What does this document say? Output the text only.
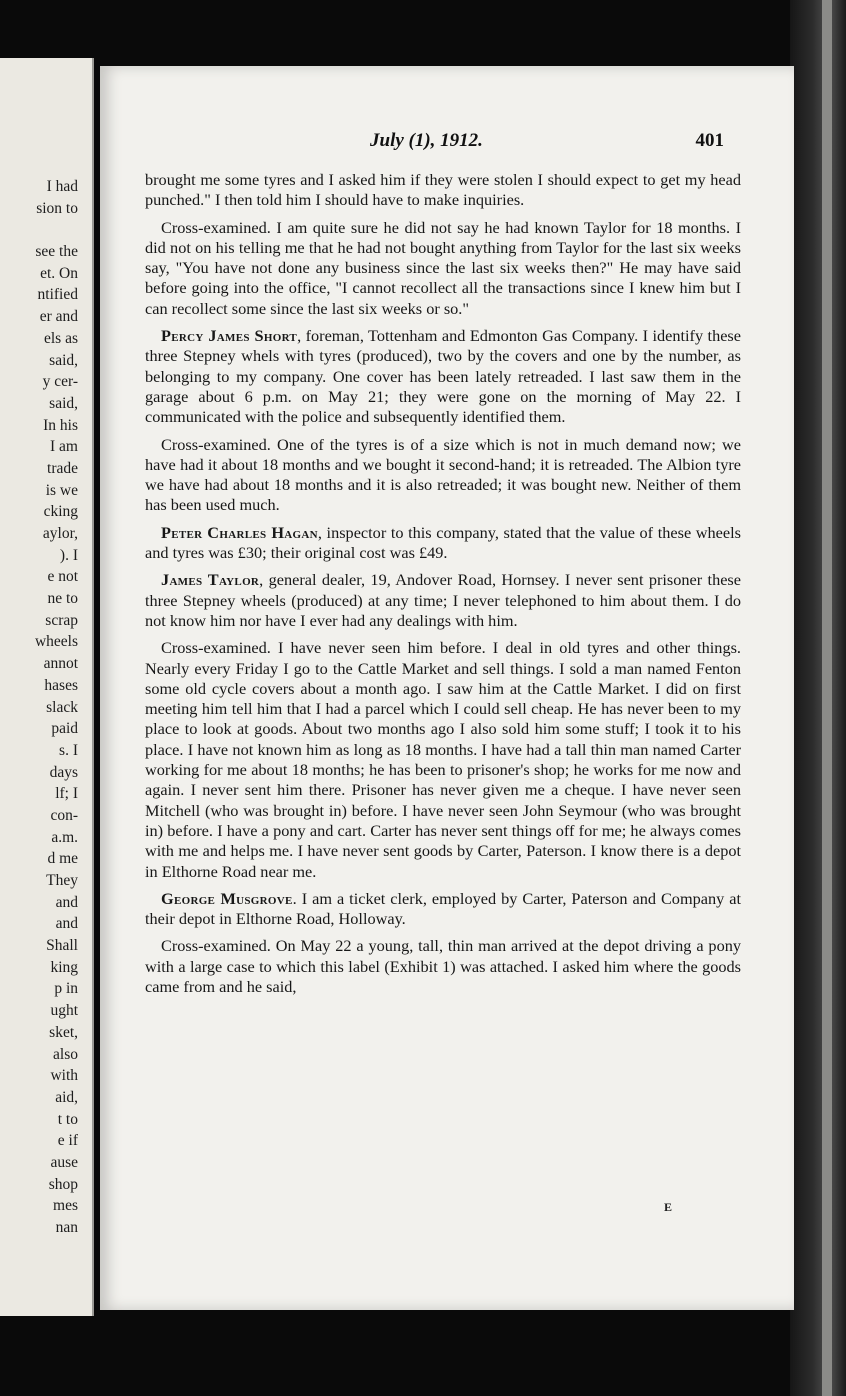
I had
sion to
see the
et. On
ntified
er and
els as
said,
y cer-
said,
In his
I am
trade
is we
cking
aylor,
). I
e not
ne to
scrap
wheels
annot
hases
slack
paid
s. I
days
lf; I
con-
a.m.
d me
They
and
and
Shall
king
p in
ught
sket,
also
with
aid,
t to
e if
ause
shop
mes
nan
July (1), 1912.	401

brought me some tyres and I asked him if they were stolen I should expect to get my head punched." I then told him I should have to make inquiries.

Cross-examined. I am quite sure he did not say he had known Taylor for 18 months. I did not on his telling me that he had not bought anything from Taylor for the last six weeks say, "You have not done any business since the last six weeks then?" He may have said before going into the office, "I cannot recollect all the transactions since I knew him but I can recollect some since the last six weeks or so."

Percy James Short, foreman, Tottenham and Edmonton Gas Company. I identify these three Stepney whels with tyres (produced), two by the covers and one by the number, as belonging to my company. One cover has been lately retreaded. I last saw them in the garage about 6 p.m. on May 21; they were gone on the morning of May 22. I communicated with the police and subsequently identified them.

Cross-examined. One of the tyres is of a size which is not in much demand now; we have had it about 18 months and we bought it second-hand; it is retreaded. The Albion tyre we have had about 18 months and it is also retreaded; it was bought new. Neither of them has been used much.

Peter Charles Hagan, inspector to this company, stated that the value of these wheels and tyres was £30; their original cost was £49.

James Taylor, general dealer, 19, Andover Road, Hornsey. I never sent prisoner these three Stepney wheels (produced) at any time; I never telephoned to him about them. I do not know him nor have I ever had any dealings with him.

Cross-examined. I have never seen him before. I deal in old tyres and other things. Nearly every Friday I go to the Cattle Market and sell things. I sold a man named Fenton some old cycle covers about a month ago. I saw him at the Cattle Market. I did on first meeting him tell him that I had a parcel which I could sell cheap. He has never been to my place to look at goods. About two months ago I also sold him some stuff; I took it to his place. I have not known him as long as 18 months. I have had a tall thin man named Carter working for me about 18 months; he has been to prisoner's shop; he works for me now and again. I never sent him there. Prisoner has never given me a cheque. I have never seen Mitchell (who was brought in) before. I have never seen John Seymour (who was brought in) before. I have a pony and cart. Carter has never sent things off for me; he always comes with me and helps me. I have never sent goods by Carter, Paterson. I know there is a depot in Elthorne Road near me.

George Musgrove. I am a ticket clerk, employed by Carter, Paterson and Company at their depot in Elthorne Road, Holloway.

Cross-examined. On May 22 a young, tall, thin man arrived at the depot driving a pony with a large case to which this label (Exhibit 1) was attached. I asked him where the goods came from and he said,

E
